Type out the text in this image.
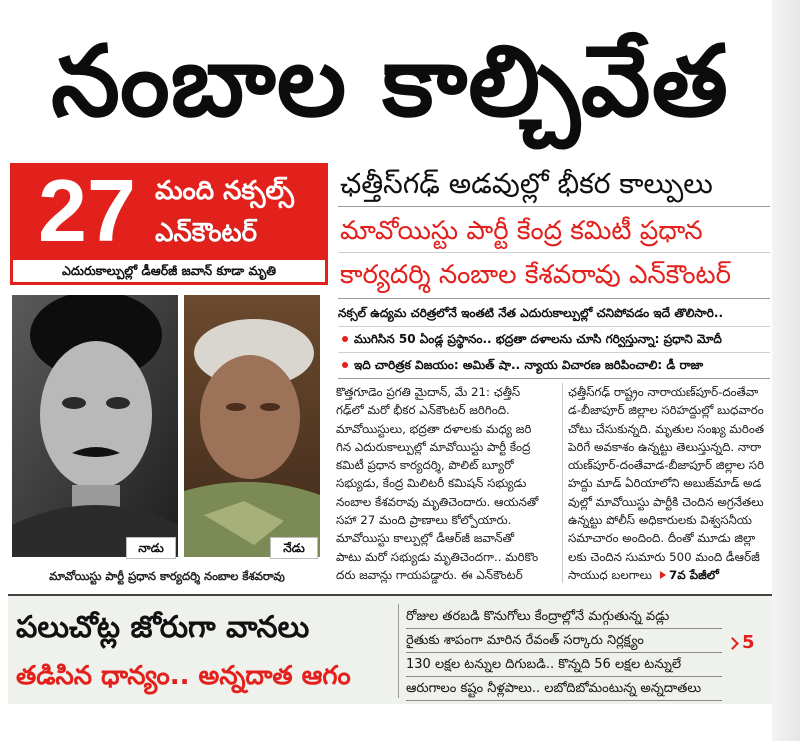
నంబాల కాల్చివేత
27 మంది నక్సల్స్
ఎన్‌కౌంటర్
ఎదురుకాల్పుల్లో డీఆర్‌జీ జవాన్ కూడా మృతి
ఛత్తీస్‌గఢ్ అడవుల్లో భీకర కాల్పులు
మావోయిస్టు పార్టీ కేంద్ర కమిటీ ప్రధాన
కార్యదర్శి నంబాల కేశవరావు ఎన్‌కౌంటర్
నక్సల్ ఉద్యమ చరిత్రలోనే ఇంతటి నేత ఎదురుకాల్పుల్లో చనిపోవడం ఇదే తొలిసారి..
ముగిసిన 50 ఏండ్ల ప్రస్థానం.. భద్రతా దళాలను చూసి గర్విస్తున్నా: ప్రధాని మోదీ
ఇది చారిత్రక విజయం: అమిత్ షా.. న్యాయ విచారణ జరిపించాలి: డీ రాజా
నాడు	నేడు
మావోయిస్టు పార్టీ ప్రధాన కార్యదర్శి నంబాల కేశవరావు
కొత్తగూడెం ప్రగతి మైదాన్, మే 21: ఛత్తీస్‌
గఢ్‌లో మరో భీకర ఎన్‌కౌంటర్ జరిగింది.
మావోయిస్టులు, భద్రతా దళాలకు మధ్య జరి
గిన ఎదురుకాల్పుల్లో మావోయిస్టు పార్టీ కేంద్ర
కమిటీ ప్రధాన కార్యదర్శి, పొలిట్ బ్యూరో
సభ్యుడు, కేంద్ర మిలిటరీ కమిషన్ సభ్యుడు
నంబాల కేశవరావు మృతిచెందారు. ఆయనతో
సహా 27 మంది ప్రాణాలు కోల్పోయారు.
మావోయిస్టు కాల్పుల్లో డీఆర్‌జీ జవాన్‌తో
పాటు మరో సభ్యుడు మృతిచెందగా.. మరికొం
దరు జవాన్లు గాయపడ్డారు. ఈ ఎన్‌కౌంటర్
ఛత్తీస్‌గఢ్ రాష్ట్రం నారాయణ్‌పూర్-దంతేవా
డ-బీజాపూర్ జిల్లాల సరిహద్దుల్లో బుధవారం
చోటు చేసుకున్నది. మృతుల సంఖ్య మరింత
పెరిగే అవకాశం ఉన్నట్టు తెలుస్తున్నది. నారా
యణ్‌పూర్-దంతేవాడ-బీజాపూర్ జిల్లాల సరి
హద్దు మాడ్ ఏరియాలోని అబుజ్‌మాడ్ అడ
వుల్లో మావోయిస్టు పార్టీకి చెందిన అగ్రనేతలు
ఉన్నట్టు పోలీస్ అధికారులకు విశ్వసనీయ
సమాచారం అందింది. దీంతో మూడు జిల్లా
లకు చెందిన సుమారు 500 మంది డీఆర్‌జీ
సాయుధ బలగాలు 7వ పేజీలో
పలుచోట్ల జోరుగా వానలు
తడిసిన ధాన్యం.. అన్నదాత ఆగం
రోజుల తరబడి కొనుగోలు కేంద్రాల్లోనే మగ్గుతున్న వడ్లు
రైతుకు శాపంగా మారిన రేవంత్ సర్కారు నిర్లక్ష్యం
130 లక్షల టన్నుల దిగుబడి.. కొన్నది 56 లక్షల టన్నులే
ఆరుగాలం కష్టం నీళ్లపాలు.. లబోదిబోమంటున్న అన్నదాతలు
5
